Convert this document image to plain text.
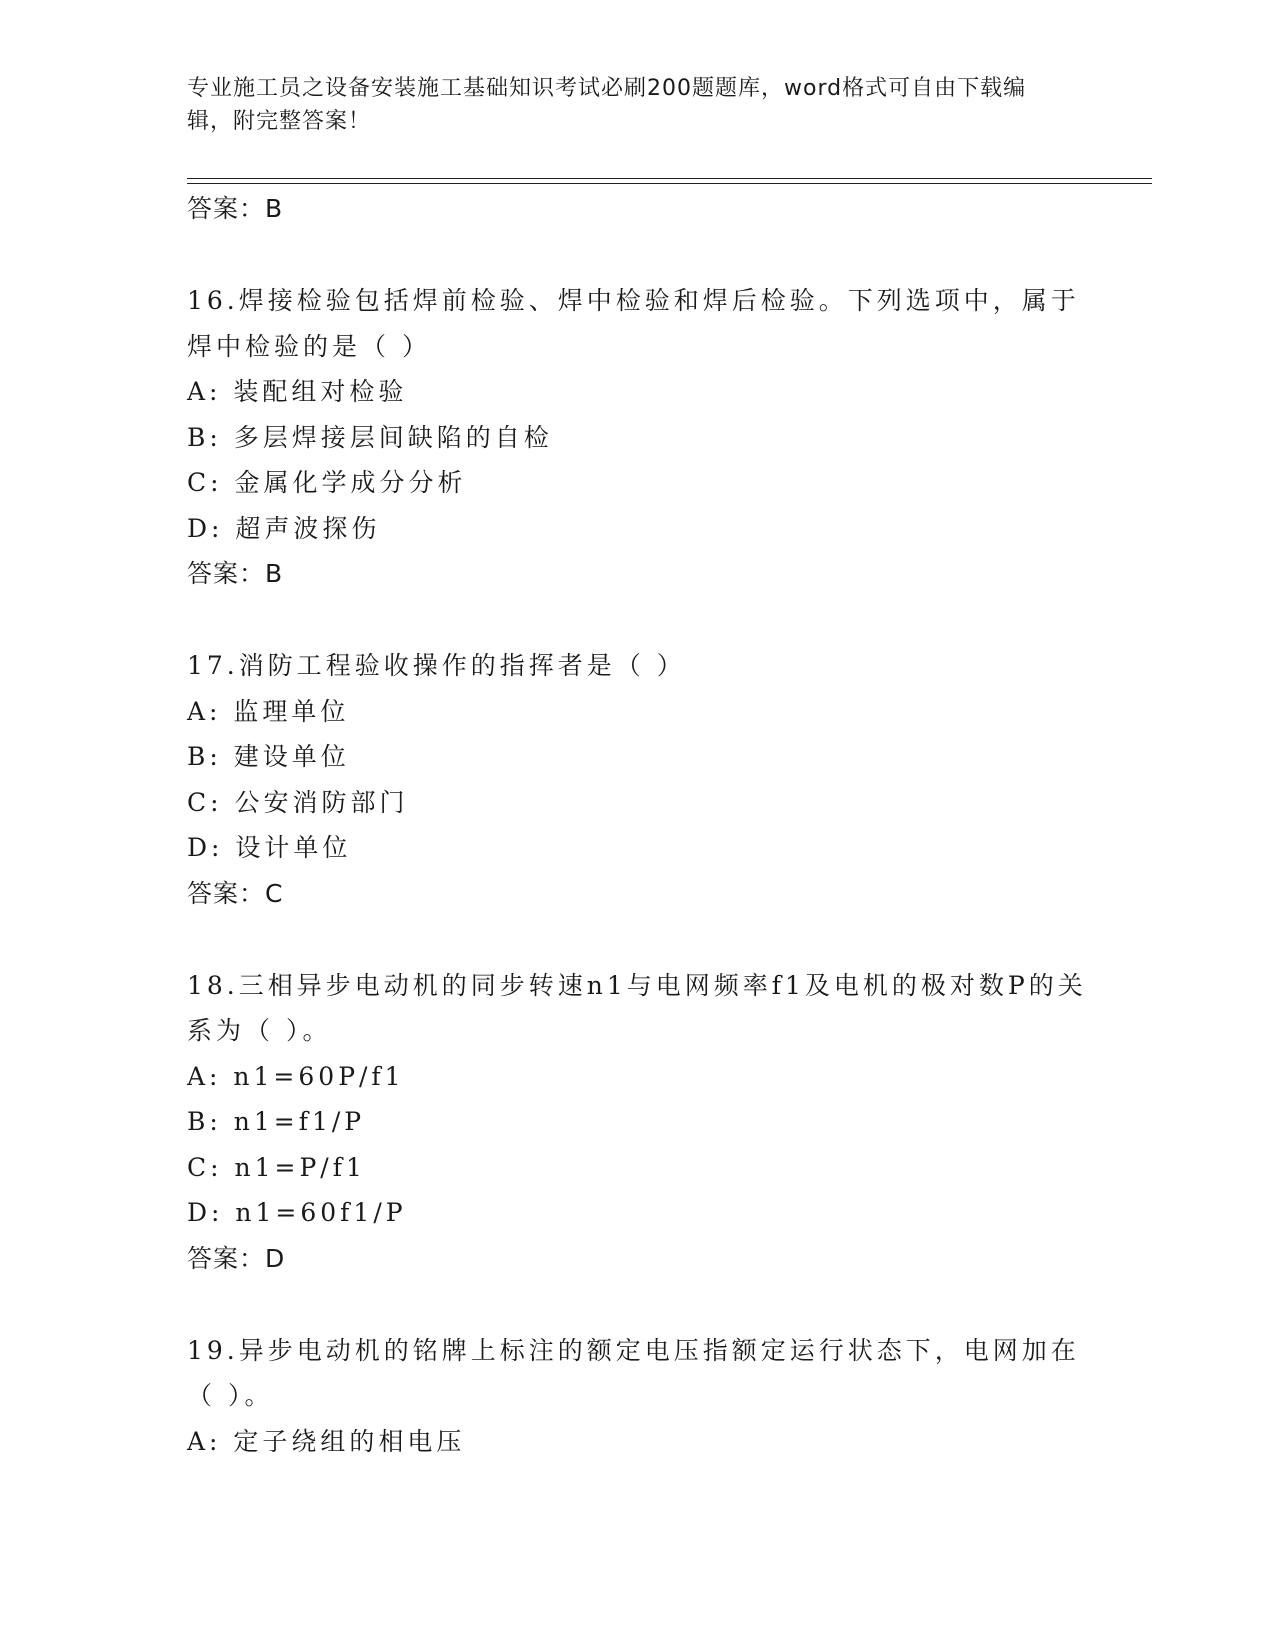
专业施工员之设备安装施工基础知识考试必刷200题题库，word格式可自由下载编辑，附完整答案！
答案：B
16.焊接检验包括焊前检验、焊中检验和焊后检验。下列选项中，属于焊中检验的是（ ）
A: 装配组对检验
B: 多层焊接层间缺陷的自检
C: 金属化学成分分析
D: 超声波探伤
答案：B
17.消防工程验收操作的指挥者是（ ）
A: 监理单位
B: 建设单位
C: 公安消防部门
D: 设计单位
答案：C
18.三相异步电动机的同步转速n1与电网频率f1及电机的极对数P的关系为（ ）。
A: n1=60P/f1
B: n1=f1/P
C: n1=P/f1
D: n1=60f1/P
答案：D
19.异步电动机的铭牌上标注的额定电压指额定运行状态下，电网加在（ ）。
A: 定子绕组的相电压
